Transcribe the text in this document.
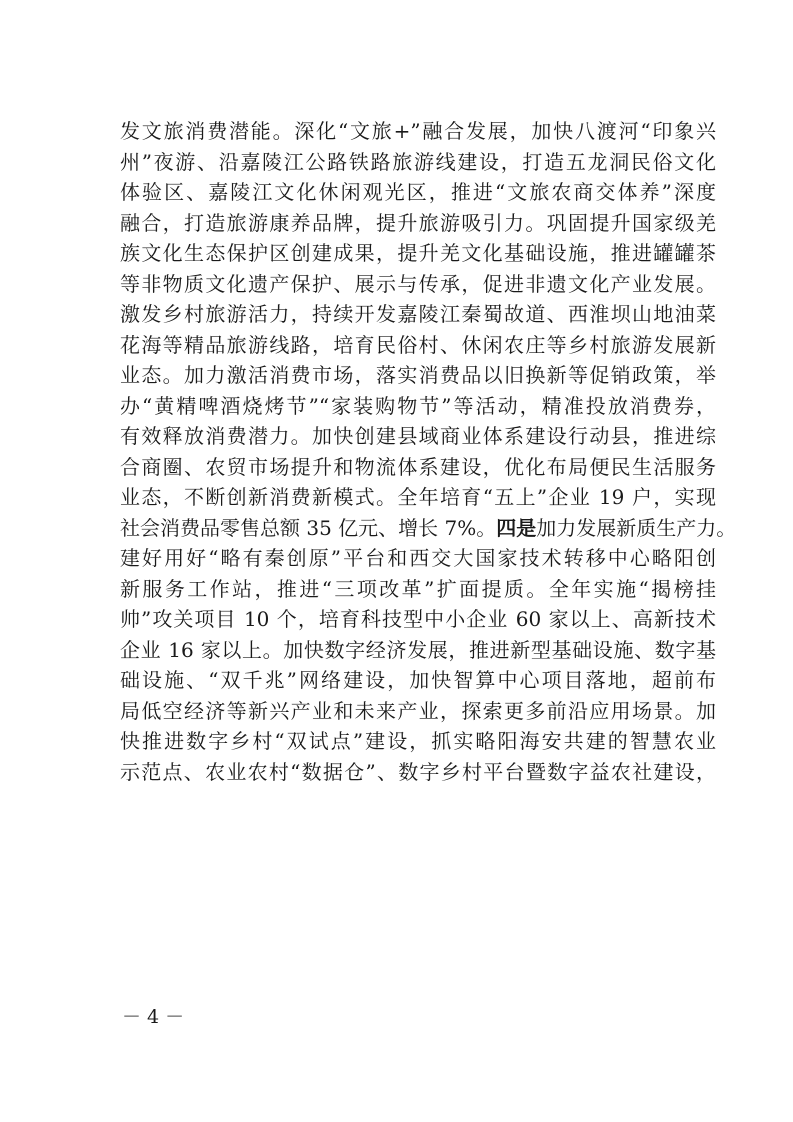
发文旅消费潜能。深化“文旅+”融合发展，加快八渡河“印象兴
州”夜游、沿嘉陵江公路铁路旅游线建设，打造五龙洞民俗文化
体验区、嘉陵江文化休闲观光区，推进“文旅农商交体养”深度
融合，打造旅游康养品牌，提升旅游吸引力。巩固提升国家级羌
族文化生态保护区创建成果，提升羌文化基础设施，推进罐罐茶
等非物质文化遗产保护、展示与传承，促进非遗文化产业发展。
激发乡村旅游活力，持续开发嘉陵江秦蜀故道、西淮坝山地油菜
花海等精品旅游线路，培育民俗村、休闲农庄等乡村旅游发展新
业态。加力激活消费市场，落实消费品以旧换新等促销政策，举
办“黄精啤酒烧烤节”“家装购物节”等活动，精准投放消费券，
有效释放消费潜力。加快创建县域商业体系建设行动县，推进综
合商圈、农贸市场提升和物流体系建设，优化布局便民生活服务
业态，不断创新消费新模式。全年培育“五上”企业 19 户，实现
社会消费品零售总额 35 亿元、增长 7%。四是加力发展新质生产力。
建好用好“略有秦创原”平台和西交大国家技术转移中心略阳创
新服务工作站，推进“三项改革”扩面提质。全年实施“揭榜挂
帅”攻关项目 10 个，培育科技型中小企业 60 家以上、高新技术
企业 16 家以上。加快数字经济发展，推进新型基础设施、数字基
础设施、“双千兆”网络建设，加快智算中心项目落地，超前布
局低空经济等新兴产业和未来产业，探索更多前沿应用场景。加
快推进数字乡村“双试点”建设，抓实略阳海安共建的智慧农业
示范点、农业农村“数据仓”、数字乡村平台暨数字益农社建设，
－ 4 －
